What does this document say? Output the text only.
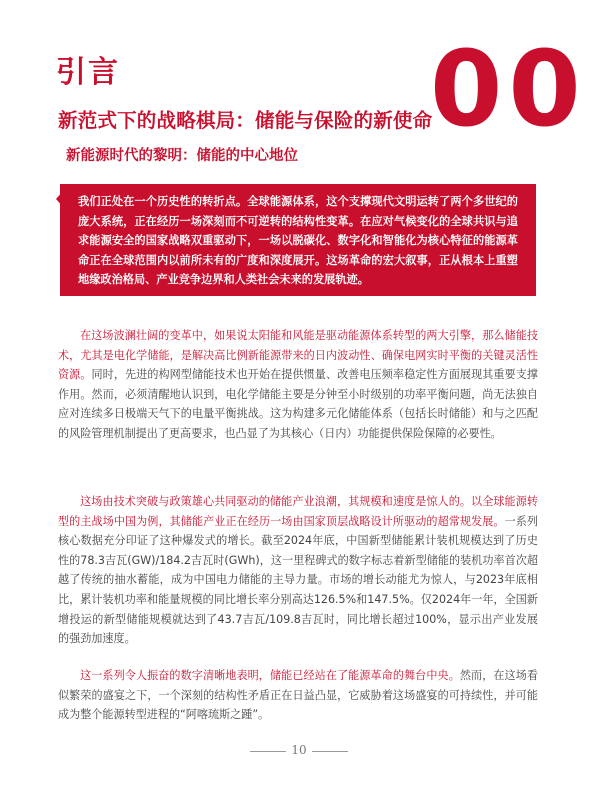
引言	00
新范式下的战略棋局：储能与保险的新使命
新能源时代的黎明：储能的中心地位
我们正处在一个历史性的转折点。全球能源体系，这个支撑现代文明运转了两个多世纪的庞大系统，正在经历一场深刻而不可逆转的结构性变革。在应对气候变化的全球共识与追求能源安全的国家战略双重驱动下，一场以脱碳化、数字化和智能化为核心特征的能源革命正在全球范围内以前所未有的广度和深度展开。这场革命的宏大叙事，正从根本上重塑地缘政治格局、产业竞争边界和人类社会未来的发展轨迹。
在这场波澜壮阔的变革中，如果说太阳能和风能是驱动能源体系转型的两大引擎，那么储能技术，尤其是电化学储能，是解决高比例新能源带来的日内波动性、确保电网实时平衡的关键灵活性资源。同时，先进的构网型储能技术也开始在提供惯量、改善电压频率稳定性方面展现其重要支撑作用。然而，必须清醒地认识到，电化学储能主要是分钟至小时级别的功率平衡问题，尚无法独自应对连续多日极端天气下的电量平衡挑战。这为构建多元化储能体系（包括长时储能）和与之匹配的风险管理机制提出了更高要求，也凸显了为其核心（日内）功能提供保险保障的必要性。
这场由技术突破与政策雄心共同驱动的储能产业浪潮，其规模和速度是惊人的。以全球能源转型的主战场中国为例，其储能产业正在经历一场由国家顶层战略设计所驱动的超常规发展。一系列核心数据充分印证了这种爆发式的增长。截至2024年底，中国新型储能累计装机规模达到了历史性的78.3吉瓦(GW)/184.2吉瓦时(GWh)，这一里程碑式的数字标志着新型储能的装机功率首次超越了传统的抽水蓄能，成为中国电力储能的主导力量。市场的增长动能尤为惊人，与2023年底相比，累计装机功率和能量规模的同比增长率分别高达126.5%和147.5%。仅2024年一年，全国新增投运的新型储能规模就达到了43.7吉瓦/109.8吉瓦时，同比增长超过100%，显示出产业发展的强劲加速度。
这一系列令人振奋的数字清晰地表明，储能已经站在了能源革命的舞台中央。然而，在这场看似繁荣的盛宴之下，一个深刻的结构性矛盾正在日益凸显，它威胁着这场盛宴的可持续性，并可能成为整个能源转型进程的“阿喀琉斯之踵”。
10
